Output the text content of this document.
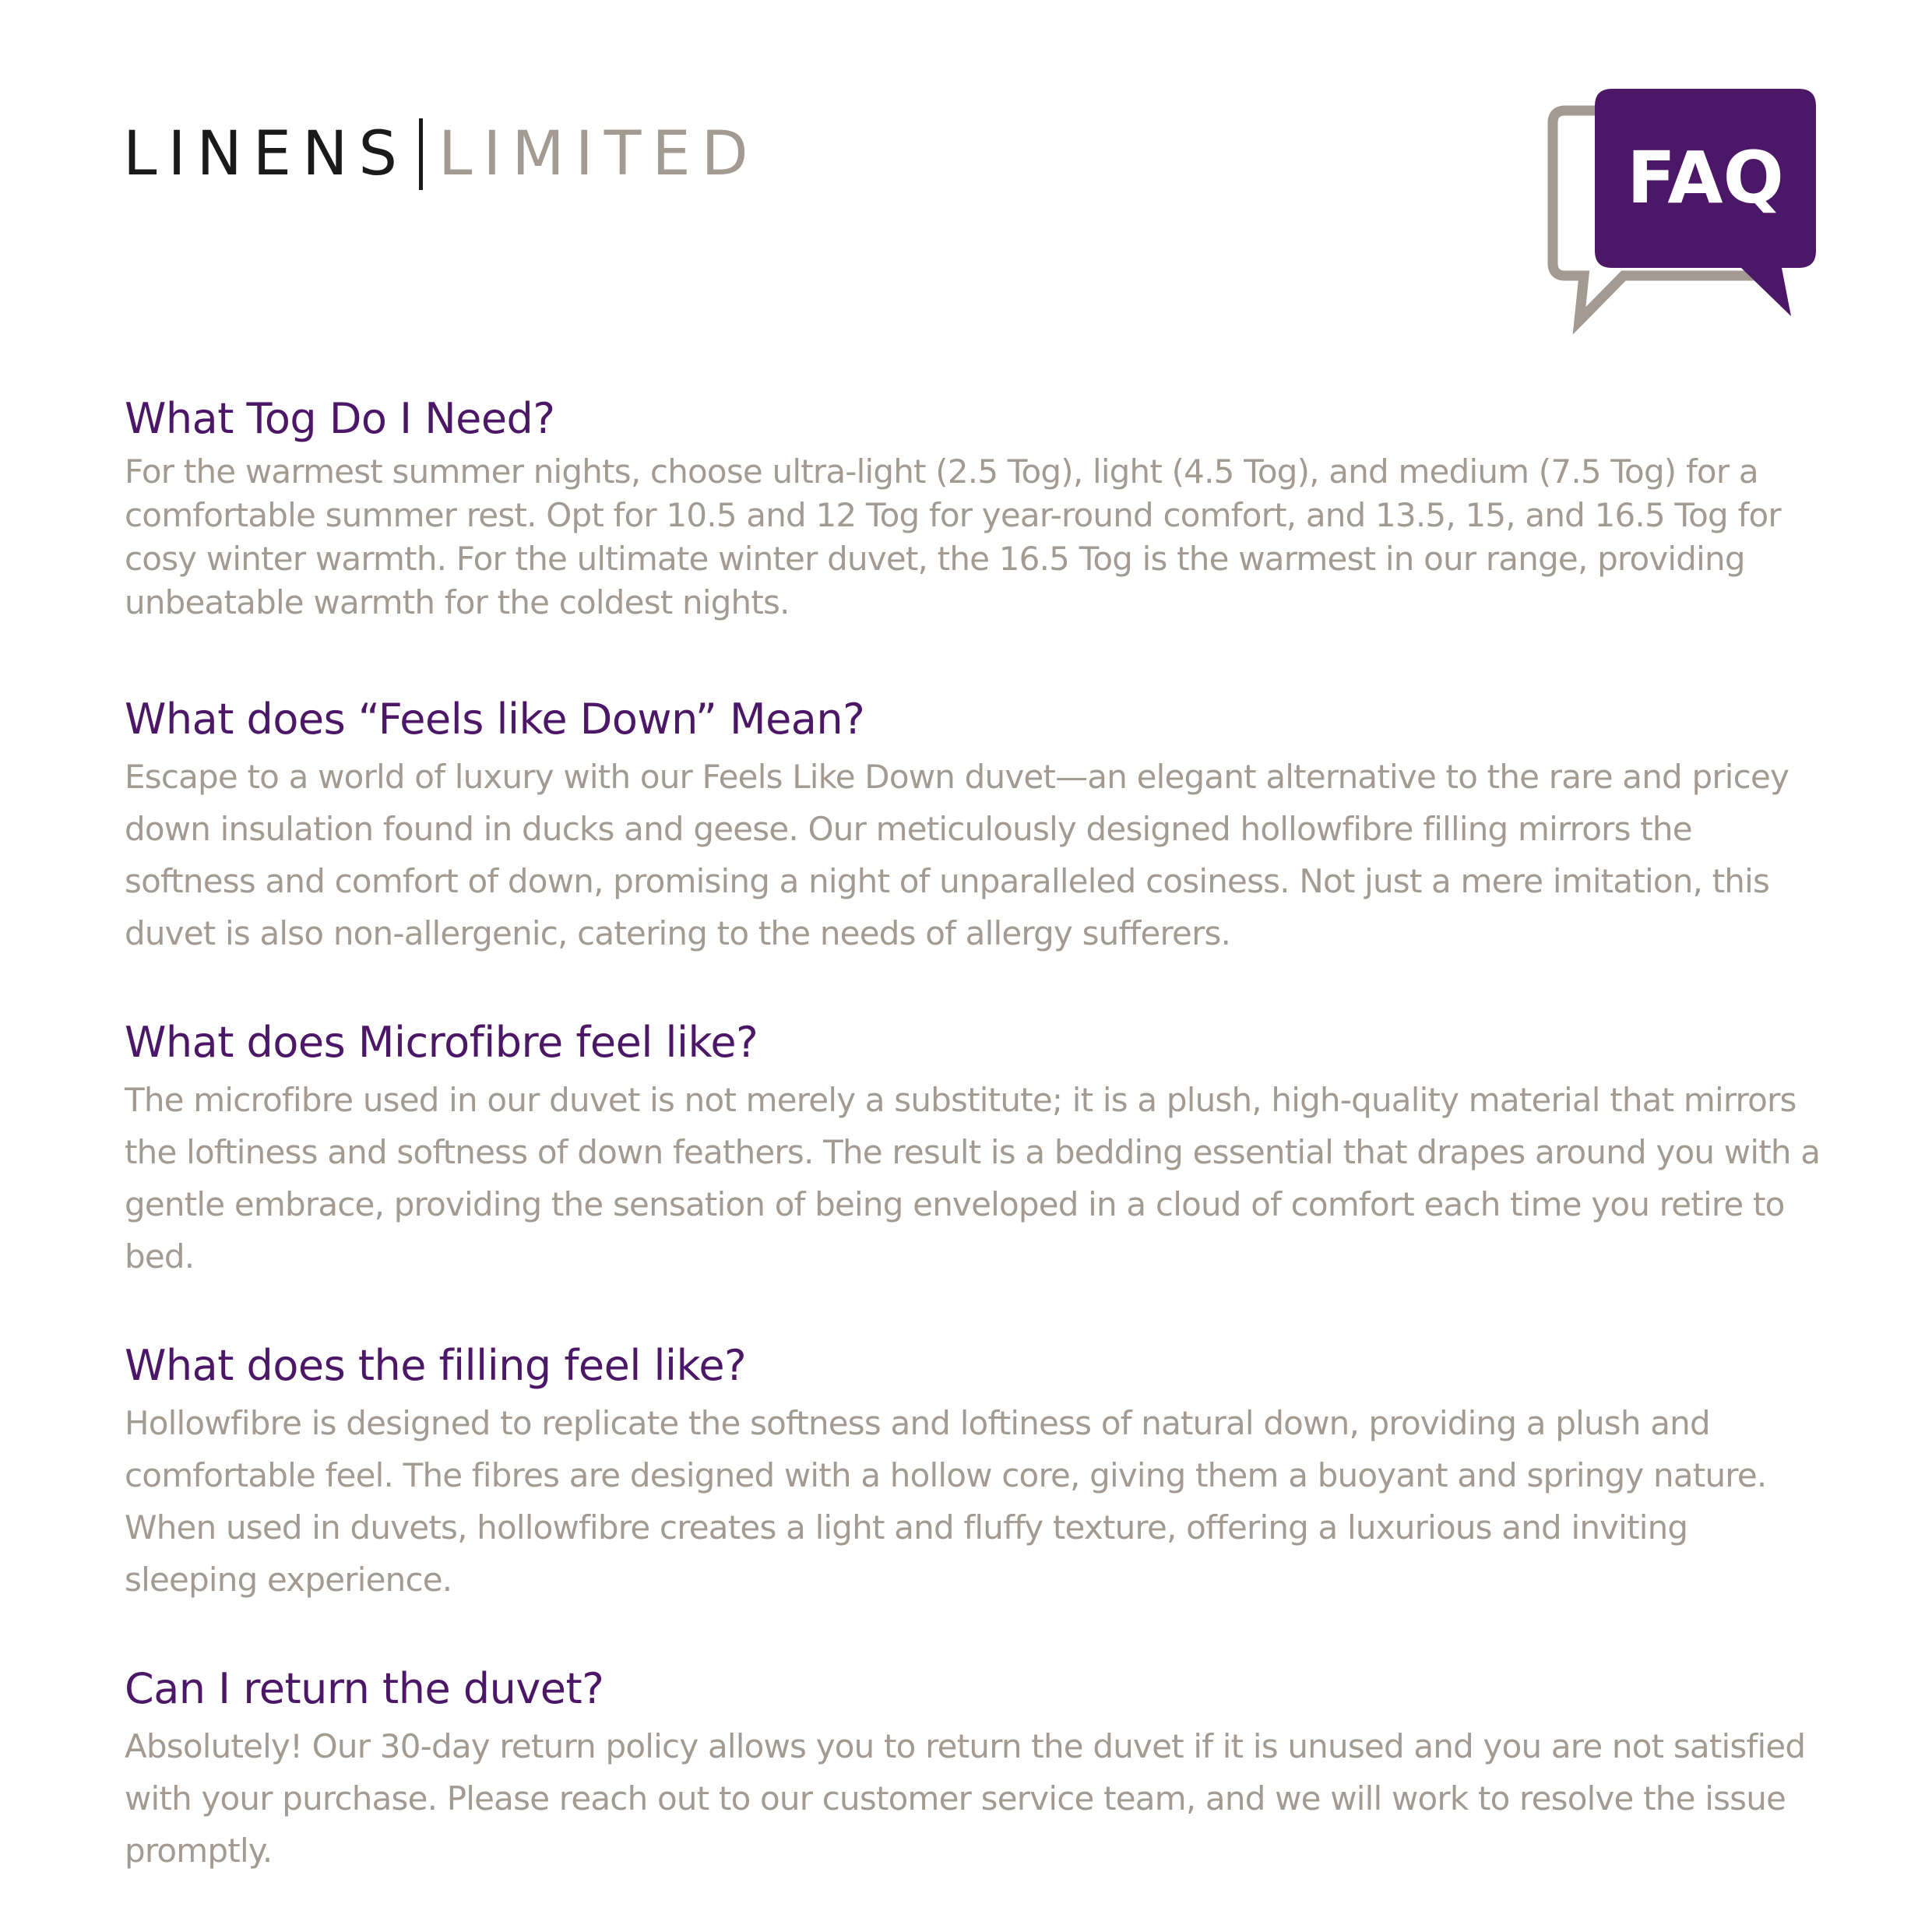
LINENS LIMITED	FAQ
What Tog Do I Need?

For the warmest summer nights, choose ultra-light (2.5 Tog), light (4.5 Tog), and medium (7.5 Tog) for a comfortable summer rest. Opt for 10.5 and 12 Tog for year-round comfort, and 13.5, 15, and 16.5 Tog for cosy winter warmth. For the ultimate winter duvet, the 16.5 Tog is the warmest in our range, providing unbeatable warmth for the coldest nights.

What does “Feels like Down” Mean?

Escape to a world of luxury with our Feels Like Down duvet—an elegant alternative to the rare and pricey down insulation found in ducks and geese. Our meticulously designed hollowfibre filling mirrors the softness and comfort of down, promising a night of unparalleled cosiness. Not just a mere imitation, this duvet is also non-allergenic, catering to the needs of allergy sufferers.

What does Microfibre feel like?

The microfibre used in our duvet is not merely a substitute; it is a plush, high-quality material that mirrors the loftiness and softness of down feathers. The result is a bedding essential that drapes around you with a gentle embrace, providing the sensation of being enveloped in a cloud of comfort each time you retire to bed.

What does the filling feel like?

Hollowfibre is designed to replicate the softness and loftiness of natural down, providing a plush and comfortable feel. The fibres are designed with a hollow core, giving them a buoyant and springy nature. When used in duvets, hollowfibre creates a light and fluffy texture, offering a luxurious and inviting sleeping experience.

Can I return the duvet?

Absolutely! Our 30-day return policy allows you to return the duvet if it is unused and you are not satisfied with your purchase. Please reach out to our customer service team, and we will work to resolve the issue promptly.
